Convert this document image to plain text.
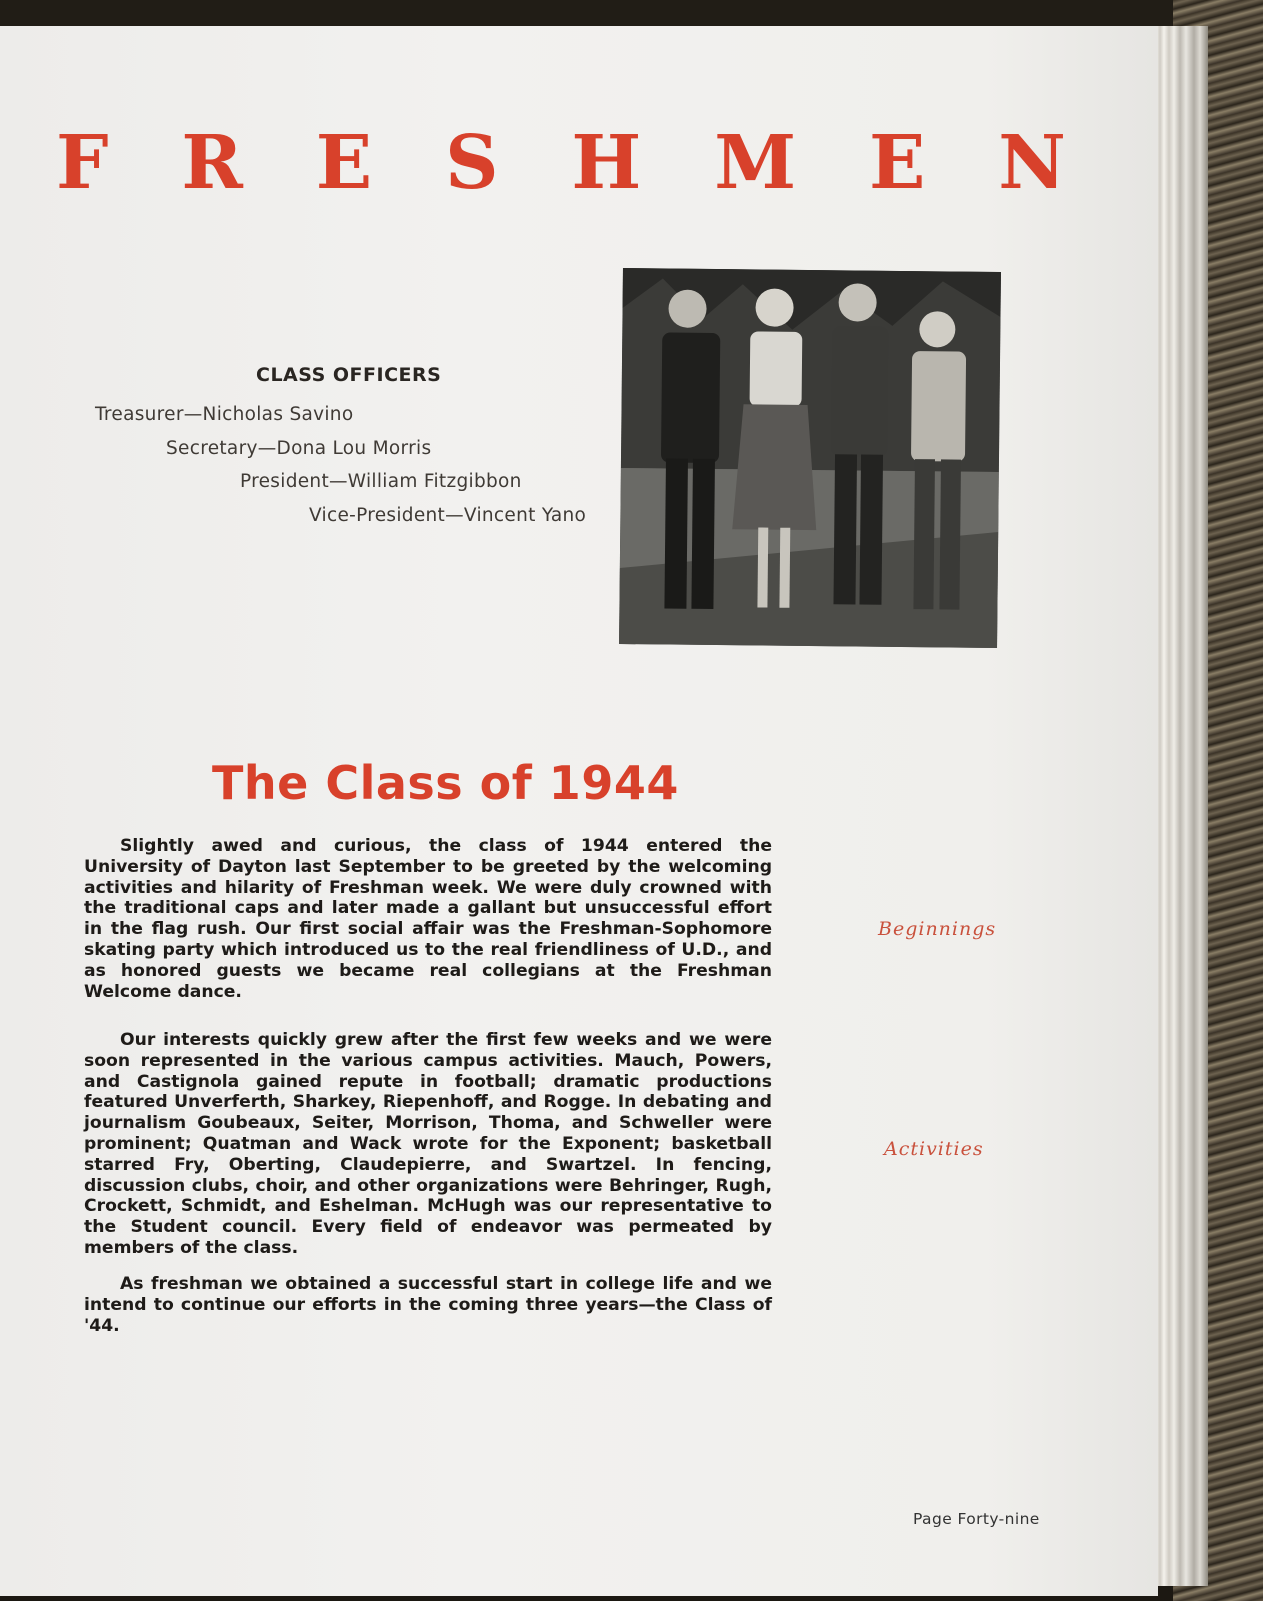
F R E S H M E N
CLASS OFFICERS
Treasurer—Nicholas Savino
Secretary—Dona Lou Morris
President—William Fitzgibbon
Vice-President—Vincent Yano
The Class of 1944

Slightly awed and curious, the class of 1944 entered the University of Dayton last September to be greeted by the welcoming activities and hilarity of Freshman week. We were duly crowned with the traditional caps and later made a gallant but unsuccessful effort in the flag rush. Our first social affair was the Freshman-Sophomore skating party which introduced us to the real friendliness of U.D., and as honored guests we became real collegians at the Freshman Welcome dance.

Our interests quickly grew after the first few weeks and we were soon represented in the various campus activities. Mauch, Powers, and Castignola gained repute in football; dramatic productions featured Unverferth, Sharkey, Riepenhoff, and Rogge. In debating and journalism Goubeaux, Seiter, Morrison, Thoma, and Schweller were prominent; Quatman and Wack wrote for the Exponent; basketball starred Fry, Oberting, Claudepierre, and Swartzel. In fencing, discussion clubs, choir, and other organizations were Behringer, Rugh, Crockett, Schmidt, and Eshelman. McHugh was our representative to the Student council. Every field of endeavor was permeated by members of the class.

As freshman we obtained a successful start in college life and we intend to continue our efforts in the coming three years—the Class of '44.

Beginnings
Activities
Page Forty-nine
